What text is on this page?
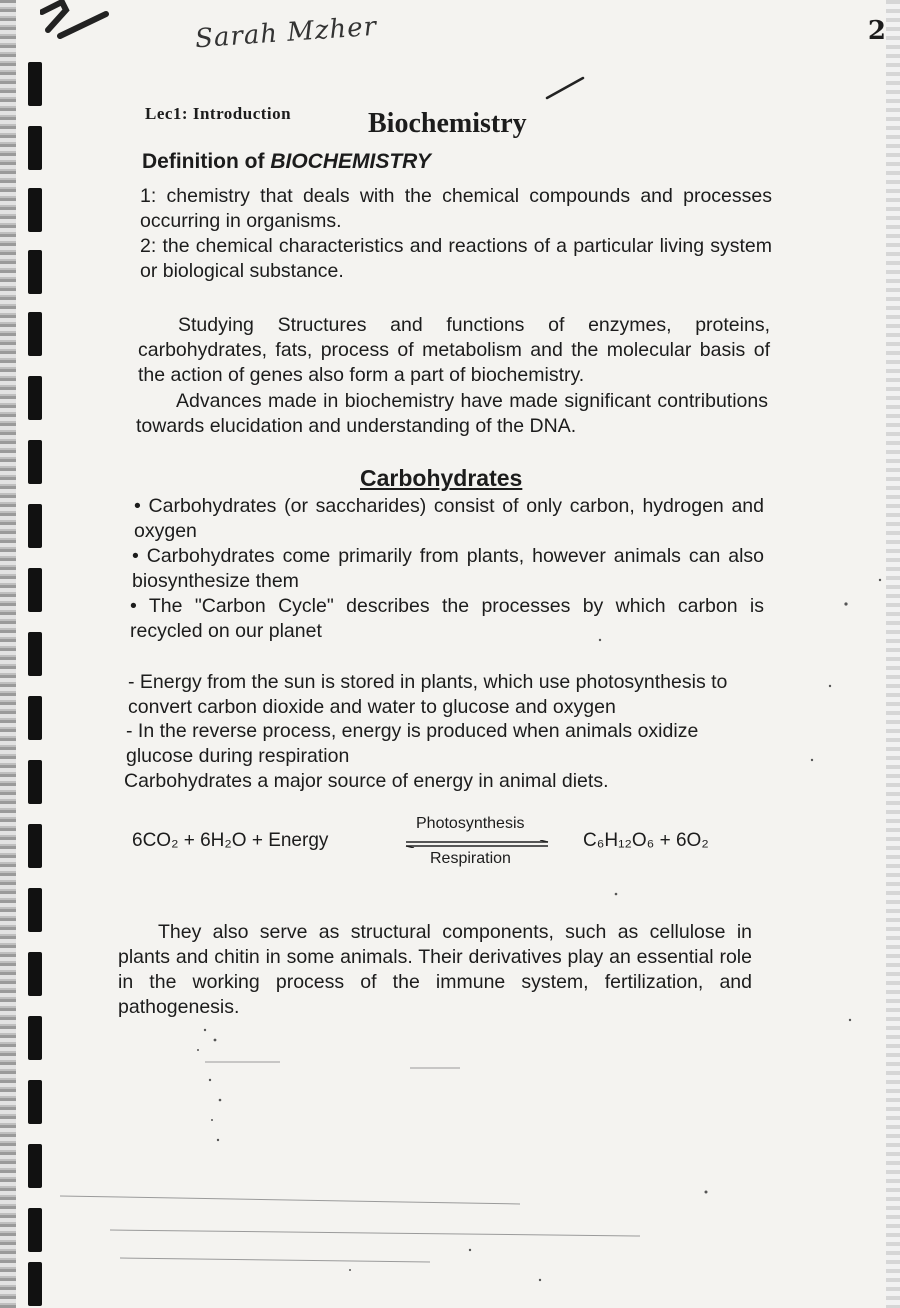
Sarah Mzher	2
Lec1: Introduction	Biochemistry
Definition of BIOCHEMISTRY

1: chemistry that deals with the chemical compounds and processes occurring in organisms.

2: the chemical characteristics and reactions of a particular living system or biological substance.

Studying Structures and functions of enzymes, proteins, carbohydrates, fats, process of metabolism and the molecular basis of the action of genes also form a part of biochemistry.

Advances made in biochemistry have made significant contributions towards elucidation and understanding of the DNA.

Carbohydrates

• Carbohydrates (or saccharides) consist of only carbon, hydrogen and oxygen

• Carbohydrates come primarily from plants, however animals can also biosynthesize them

• The "Carbon Cycle" describes the processes by which carbon is recycled on our planet

- Energy from the sun is stored in plants, which use photosynthesis to convert carbon dioxide and water to glucose and oxygen

- In the reverse process, energy is produced when animals oxidize glucose during respiration

Carbohydrates a major source of energy in animal diets.

6CO₂ + 6H₂O + Energy
Photosynthesis
Respiration
C₆H₁₂O₆ + 6O₂

They also serve as structural components, such as cellulose in plants and chitin in some animals. Their derivatives play an essential role in the working process of the immune system, fertilization, and pathogenesis.
